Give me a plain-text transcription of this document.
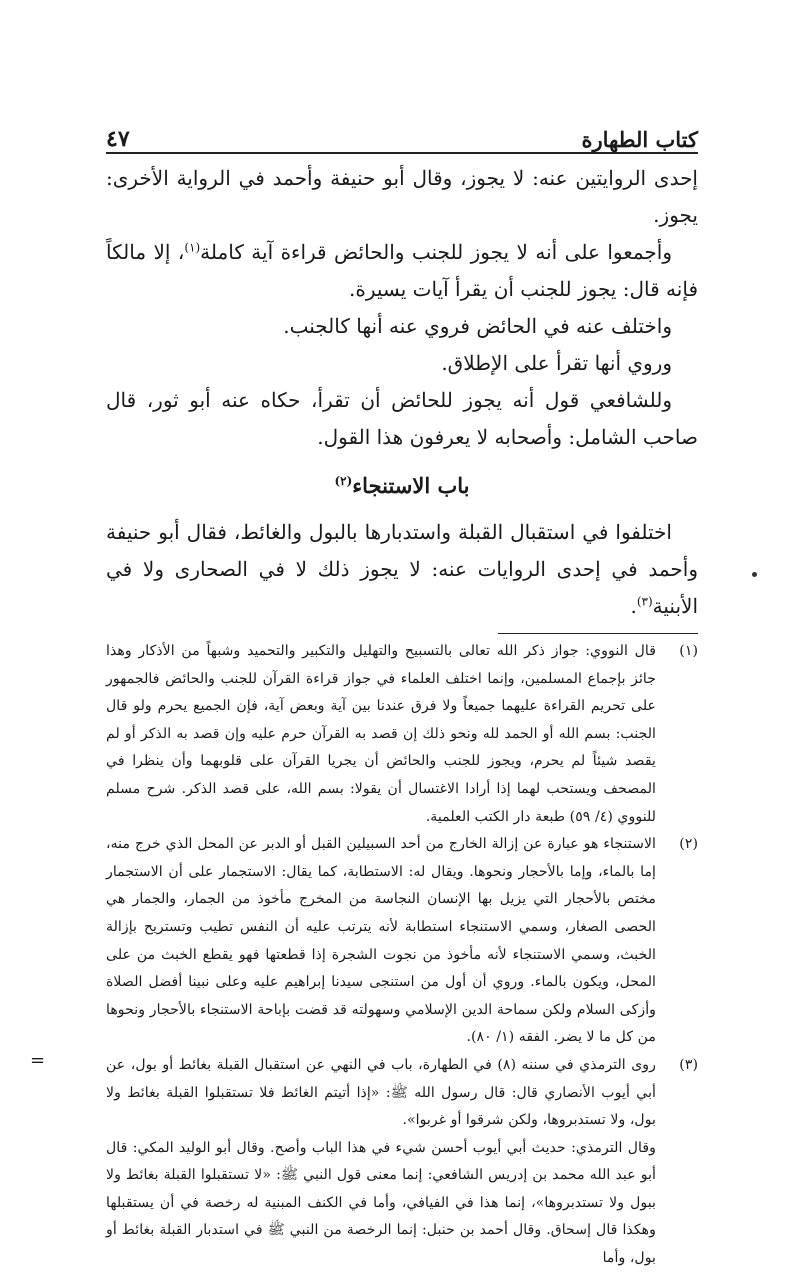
كتاب الطهارة
٤٧

إحدى الروايتين عنه: لا يجوز، وقال أبو حنيفة وأحمد في الرواية الأخرى: يجوز.

وأجمعوا على أنه لا يجوز للجنب والحائض قراءة آية كاملة$^{(١)}$، إلا مالكاً فإنه قال: يجوز للجنب أن يقرأ آيات يسيرة.

واختلف عنه في الحائض فروي عنه أنها كالجنب.

وروي أنها تقرأ على الإطلاق.

وللشافعي قول أنه يجوز للحائض أن تقرأ، حكاه عنه أبو ثور، قال صاحب الشامل: وأصحابه لا يعرفون هذا القول.

باب الاستنجاء$^{(٢)}$

اختلفوا في استقبال القبلة واستدبارها بالبول والغائط، فقال أبو حنيفة وأحمد في إحدى الروايات عنه: لا يجوز ذلك لا في الصحارى ولا في الأبنية$^{(٣)}$.

(١)

قال النووي: جواز ذكر الله تعالى بالتسبيح والتهليل والتكبير والتحميد وشبهاً من الأذكار وهذا جائز بإجماع المسلمين، وإنما اختلف العلماء في جواز قراءة القرآن للجنب والحائض فالجمهور على تحريم القراءة عليهما جميعاً ولا فرق عندنا بين آية وبعض آية، فإن الجميع يحرم ولو قال الجنب: بسم الله أو الحمد لله ونحو ذلك إن قصد به القرآن حرم عليه وإن قصد به الذكر أو لم يقصد شيئاً لم يحرم، ويجوز للجنب والحائض أن يجريا القرآن على قلوبهما وأن ينظرا في المصحف ويستحب لهما إذا أرادا الاغتسال أن يقولا: بسم الله، على قصد الذكر. شرح مسلم للنووي (٤/ ٥٩) طبعة دار الكتب العلمية.

(٢)

الاستنجاء هو عبارة عن إزالة الخارج من أحد السبيلين القبل أو الدبر عن المحل الذي خرج منه، إما بالماء، وإما بالأحجار ونحوها. ويقال له: الاستطابة، كما يقال: الاستجمار على أن الاستجمار مختص بالأحجار التي يزيل بها الإنسان النجاسة من المخرج مأخوذ من الجمار، والجمار هي الحصى الصغار، وسمي الاستنجاء استطابة لأنه يترتب عليه أن النفس تطيب وتستريح بإزالة الخبث، وسمي الاستنجاء لأنه مأخوذ من نجوت الشجرة إذا قطعتها فهو يقطع الخبث من على المحل، ويكون بالماء. وروي أن أول من استنجى سيدنا إبراهيم عليه وعلى نبينا أفضل الصلاة وأزكى السلام ولكن سماحة الدين الإسلامي وسهولته قد قضت بإباحة الاستنجاء بالأحجار ونحوها من كل ما لا يضر. الفقه (١/ ٨٠).

(٣)

روى الترمذي في سننه (٨) في الطهارة، باب في النهي عن استقبال القبلة بغائط أو بول، عن أبي أيوب الأنصاري قال: قال رسول الله ﷺ: «إذا أتيتم الغائط فلا تستقبلوا القبلة بغائط ولا بول، ولا تستدبروها، ولكن شرقوا أو غربوا».

وقال الترمذي: حديث أبي أيوب أحسن شيء في هذا الباب وأصح. وقال أبو الوليد المكي: قال أبو عبد الله محمد بن إدريس الشافعي: إنما معنى قول النبي ﷺ: «لا تستقبلوا القبلة بغائط ولا ببول ولا تستدبروها»، إنما هذا في الفيافي، وأما في الكنف المبنية له رخصة في أن يستقبلها وهكذا قال إسحاق. وقال أحمد بن حنبل: إنما الرخصة من النبي ﷺ في استدبار القبلة بغائط أو بول، وأما

=
